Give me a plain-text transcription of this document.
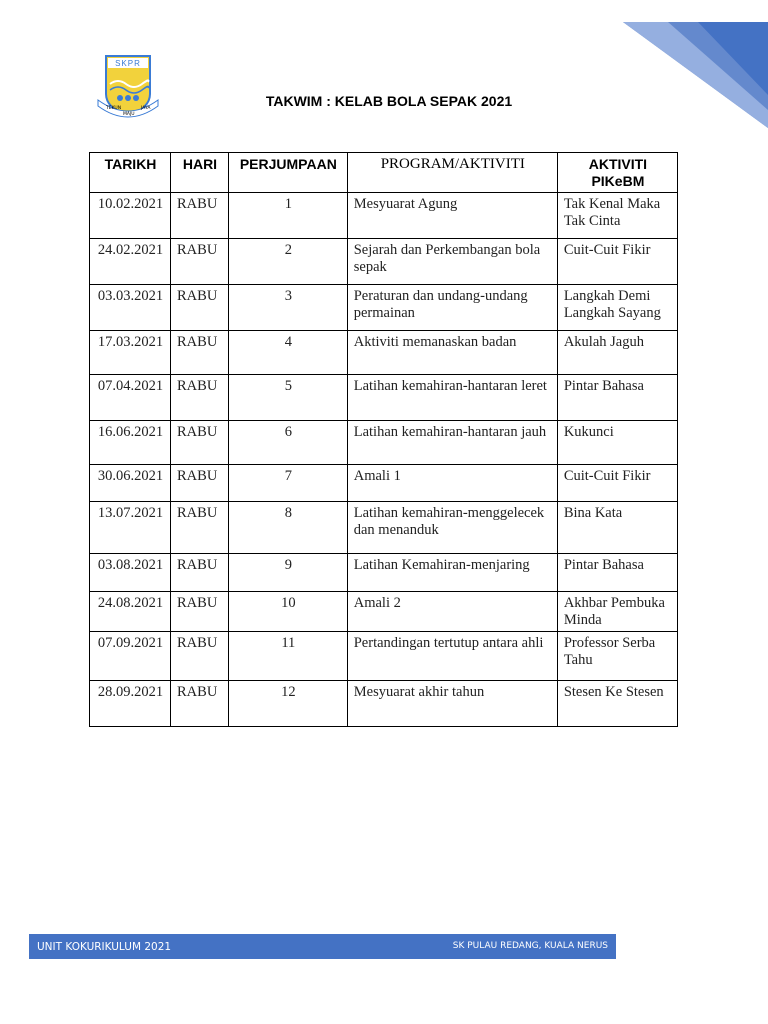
SKPR
TEKUN
MAJU
JAYA	TAKWIM : KELAB BOLA SEPAK 2021
TARIKH	HARI	PERJUMPAAN	PROGRAM/AKTIVITI	AKTIVITI PIKeBM
10.02.2021	RABU	1	Mesyuarat Agung	Tak Kenal Maka Tak Cinta
24.02.2021	RABU	2	Sejarah dan Perkembangan bola sepak	Cuit-Cuit Fikir
03.03.2021	RABU	3	Peraturan dan undang-undang permainan	Langkah Demi Langkah Sayang
17.03.2021	RABU	4	Aktiviti memanaskan badan	Akulah Jaguh
07.04.2021	RABU	5	Latihan kemahiran-hantaran leret	Pintar Bahasa
16.06.2021	RABU	6	Latihan kemahiran-hantaran jauh	Kukunci
30.06.2021	RABU	7	Amali 1	Cuit-Cuit Fikir
13.07.2021	RABU	8	Latihan kemahiran-menggelecek dan menanduk	Bina Kata
03.08.2021	RABU	9	Latihan Kemahiran-menjaring	Pintar Bahasa
24.08.2021	RABU	10	Amali 2	Akhbar Pembuka Minda
07.09.2021	RABU	11	Pertandingan tertutup antara ahli	Professor Serba Tahu
28.09.2021	RABU	12	Mesyuarat akhir tahun	Stesen Ke Stesen
UNIT KOKURIKULUM 2021	SK PULAU REDANG, KUALA NERUS
